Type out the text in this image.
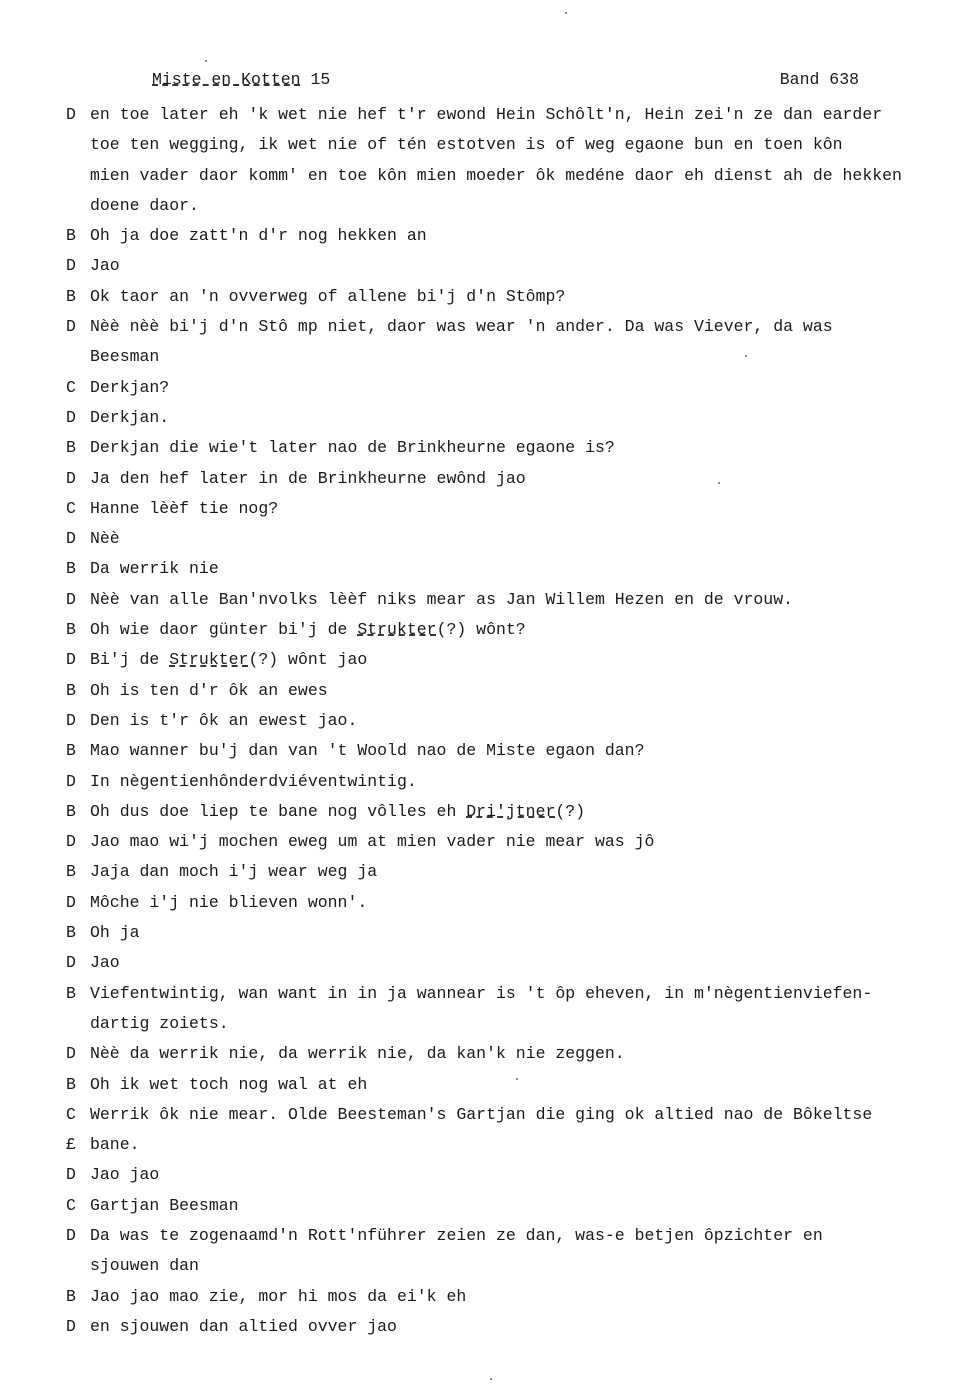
Miste en Kotten 15	Band 638
D en toe later eh 'k wet nie hef t'r ewond Hein Schôlt'n, Hein zei'n ze dan earder
toe ten wegging, ik wet nie of tén estotven is of weg egaone bun en toen kôn
mien vader daor komm' en toe kôn mien moeder ôk medéne daor eh dienst ah de hekken
doene daor.
B Oh ja doe zatt'n d'r nog hekken an
D Jao
B Ok taor an 'n ovverweg of allene bi'j d'n Stômp?
D Nèè nèè bi'j d'n Stô mp niet, daor was wear 'n ander. Da was Viever, da was
Beesman
C Derkjan?
D Derkjan.
B Derkjan die wie't later nao de Brinkheurne egaone is?
D Ja den hef later in de Brinkheurne ewônd jao
C Hanne lèèf tie nog?
D Nèè
B Da werrik nie
D Nèè van alle Ban'nvolks lèèf niks mear as Jan Willem Hezen en de vrouw.
B Oh wie daor günter bi'j de Strukter(?) wônt?
D Bi'j de Strukter(?) wônt jao
B Oh is ten d'r ôk an ewes
D Den is t'r ôk an ewest jao.
B Mao wanner bu'j dan van 't Woold nao de Miste egaon dan?
D In nègentienhônderdviéventwintig.
B Oh dus doe liep te bane nog vôlles eh Dri'jtner(?)
D Jao mao wi'j mochen eweg um at mien vader nie mear was jô
B Jaja dan moch i'j wear weg ja
D Môche i'j nie blieven wonn'.
B Oh ja
D Jao
B Viefentwintig, wan want in in ja wannear is 't ôp eheven, in m'nègentienviefen-
dartig zoiets.
D Nèè da werrik nie, da werrik nie, da kan'k nie zeggen.
B Oh ik wet toch nog wal at eh
C Werrik ôk nie mear. Olde Beesteman's Gartjan die ging ok altied nao de Bôkeltse
£ bane.
D Jao jao
C Gartjan Beesman
D Da was te zogenaamd'n Rott'nführer zeien ze dan, was-e betjen ôpzichter en
sjouwen dan
B Jao jao mao zie, mor hi mos da ei'k eh
D en sjouwen dan altied ovver jao
